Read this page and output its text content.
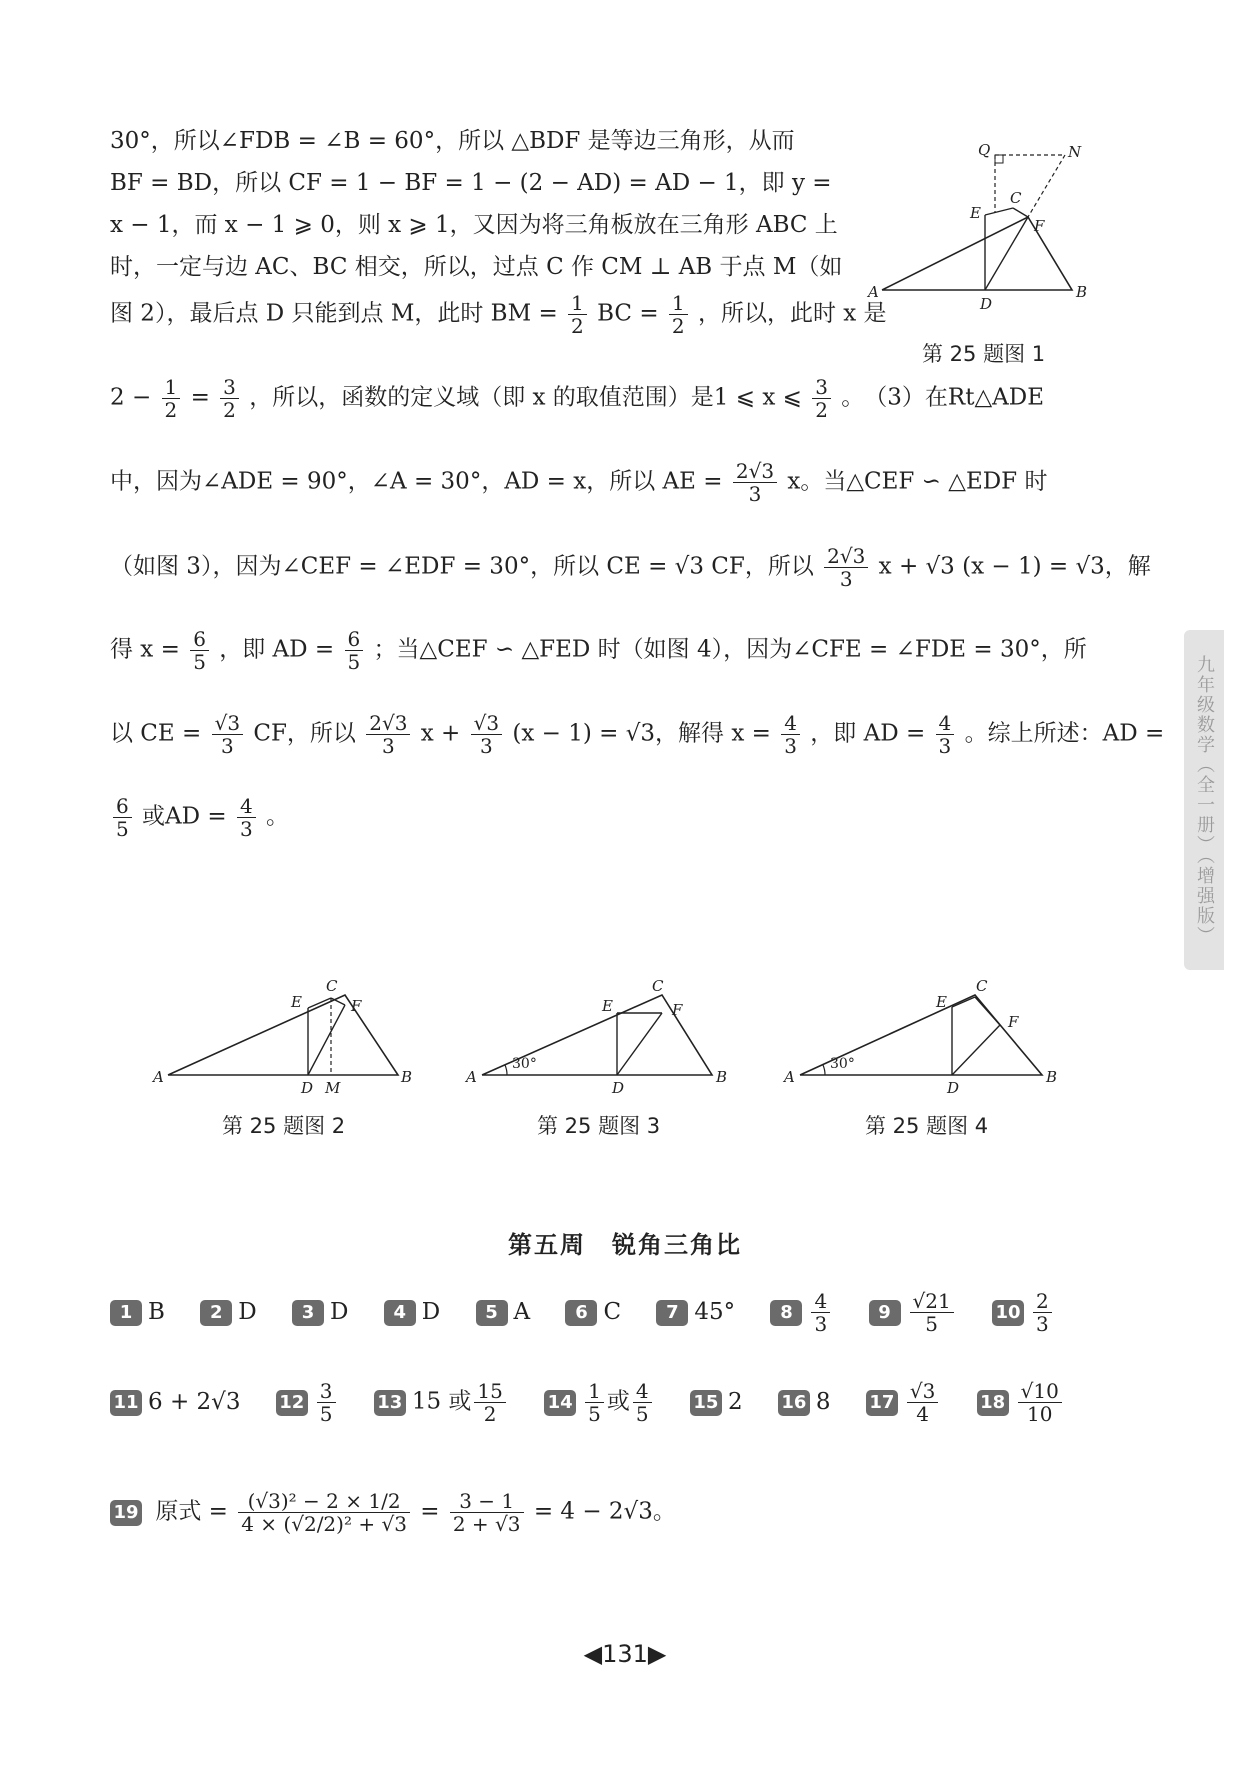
30°，所以∠FDB = ∠B = 60°，所以 △BDF 是等边三角形，从而
BF = BD，所以 CF = 1 − BF = 1 − (2 − AD) = AD − 1，即 y =
x − 1，而 x − 1 ⩾ 0，则 x ⩾ 1，又因为将三角板放在三角形 ABC 上
时，一定与边 AC、BC 相交，所以，过点 C 作 CM ⊥ AB 于点 M（如
图 2），最后点 D 只能到点 M，此时 BM = $\frac{1}{2}$ BC = $\frac{1}{2}$ ，所以，此时 x 是
$2 - \frac{1}{2} = \frac{3}{2}$ ，所以，函数的定义域（即 x 的取值范围）是1 ⩽ x ⩽ $\frac{3}{2}$ 。　（3）在Rt△ADE
中，因为∠ADE = 90°，∠A = 30°，AD = x，所以 AE = $\frac{2√3}{3}$ x。当△CEF ∽ △EDF 时
（如图 3），因为∠CEF = ∠EDF = 30°，所以 CE = √3 CF，所以 $\frac{2√3}{3}$ x + √3 (x − 1) = √3，解
得 $x = \frac{6}{5}$ ，即 AD = $\frac{6}{5}$ ；当△CEF ∽ △FED 时（如图 4），因为∠CFE = ∠FDE = 30°，所
以 CE = $\frac{√3}{3}$ CF，所以 $\frac{2√3}{3}$ $x + \frac{√3}{3} (x - 1) = √3$，解得 $x = \frac{4}{3}$ ，即 AD = $\frac{4}{3}$ 。综上所述：AD =
$\frac{6}{5}$ 或AD = $\frac{4}{3}$ 。
A	B
D
E
C
F
Q	N
第 25 题图 1
A	B
D M
E
C
F
第 25 题图 2
30°
A	B
D
E
C
F
第 25 题图 3
30°
A	B
D
E
C
F
第 25 题图 4
第五周　锐角三角比
1 B	2 D	3 D	4 D	5 A	6 C	7 45°	$8 \frac{4}{3}$	$9 \frac{√21}{5} 10 \frac{2}{3}$
11 6 + 2√3 $12 \frac{3}{5} 13$ 15 或 $\frac{15}{2} 14 \frac{1}{5}$ 或 $\frac{4}{5} 15$ 2 16 8 $17 \frac{√3}{4} 18 \frac{√10}{10}$
19 原式 = $\frac{\text{(√3)² − 2 × 1/2}}{\text{4 × (√2/2)² + √3}} = \frac{3 - 1}{2 + √3} = 4 - 2√3$。
九年级数学（全一册）（增强版）
◀131▶
